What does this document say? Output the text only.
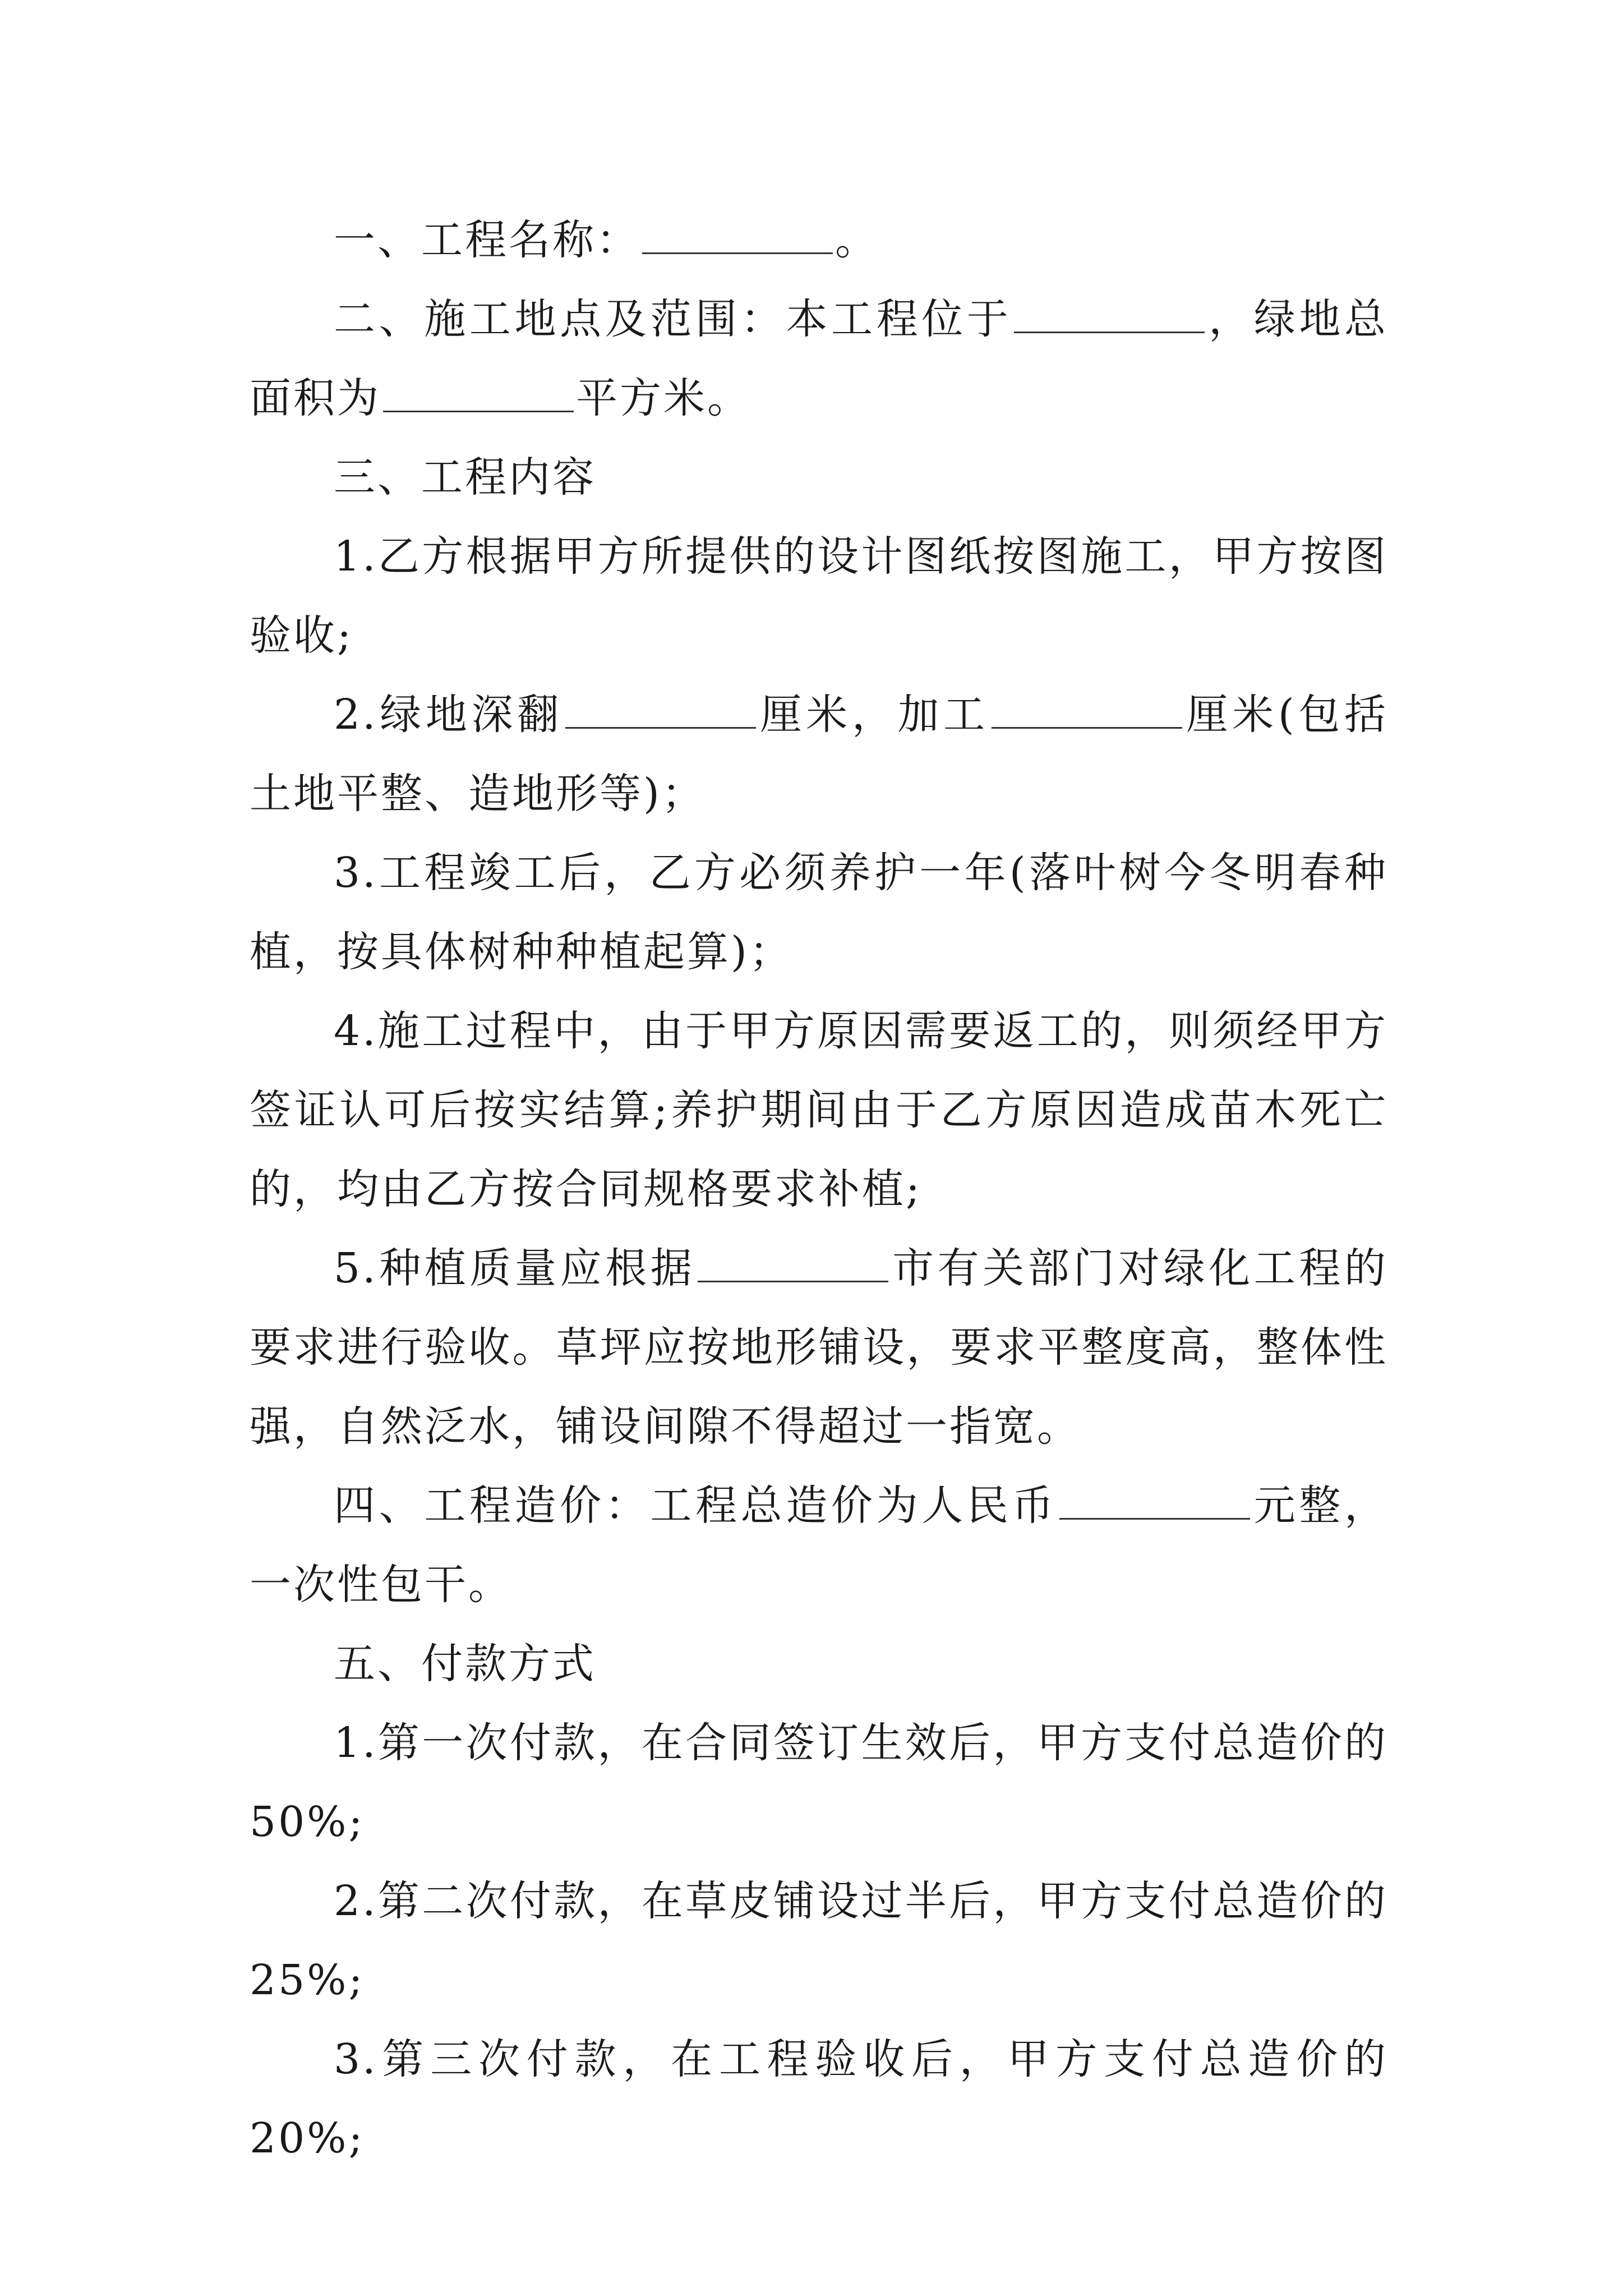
一、工程名称：	。

二、施工地点及范围：本工程位于	，绿地总面积为	平方米。

三、工程内容

1.乙方根据甲方所提供的设计图纸按图施工，甲方按图验收;

2.绿地深翻	厘米，加工	厘米(包括土地平整、造地形等)；

3.工程竣工后，乙方必须养护一年(落叶树今冬明春种植，按具体树种种植起算)；

4.施工过程中，由于甲方原因需要返工的，则须经甲方签证认可后按实结算;养护期间由于乙方原因造成苗木死亡的，均由乙方按合同规格要求补植;

5.种植质量应根据	市有关部门对绿化工程的要求进行验收。草坪应按地形铺设，要求平整度高，整体性强，自然泛水，铺设间隙不得超过一指宽。

四、工程造价：工程总造价为人民币	元整，一次性包干。

五、付款方式

1.第一次付款，在合同签订生效后，甲方支付总造价的50%;

2.第二次付款，在草皮铺设过半后，甲方支付总造价的25%;

3.第三次付款，在工程验收后，甲方支付总造价的20%;
